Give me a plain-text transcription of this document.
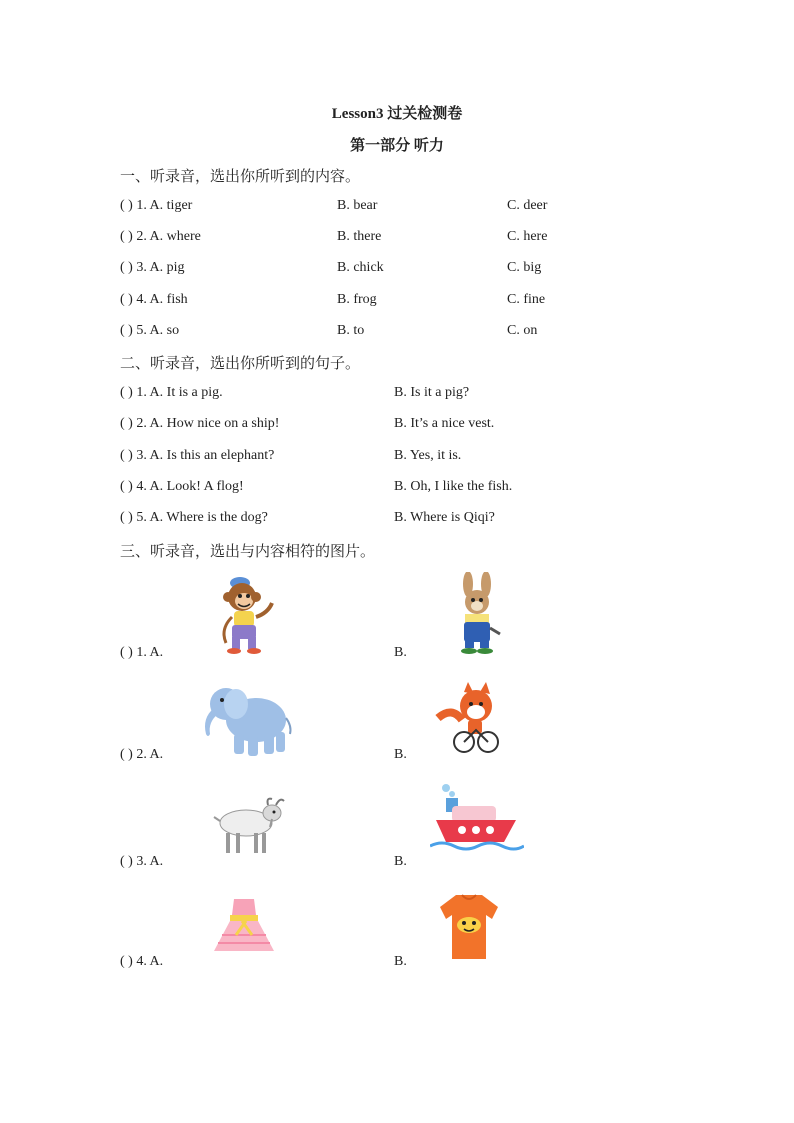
Lesson3 过关检测卷
第一部分 听力
一、听录音，选出你所听到的内容。
( ) 1. A. tiger	B. bear	C. deer
( ) 2. A. where	B. there	C. here
( ) 3. A. pig	B. chick	C. big
( ) 4. A. fish	B. frog	C. fine
( ) 5. A. so	B. to	C. on
二、听录音，选出你所听到的句子。
( ) 1. A. It is a pig.	B. Is it a pig?
( ) 2. A. How nice on a ship!	B. It’s a nice vest.
( ) 3. A. Is this an elephant?	B. Yes, it is.
( ) 4. A. Look! A flog!	B. Oh, I like the fish.
( ) 5. A. Where is the dog?	B. Where is Qiqi?
三、听录音，选出与内容相符的图片。
( ) 1. A.	B.
( ) 2. A.	B.
( ) 3. A.	B.
( ) 4. A.	B.
